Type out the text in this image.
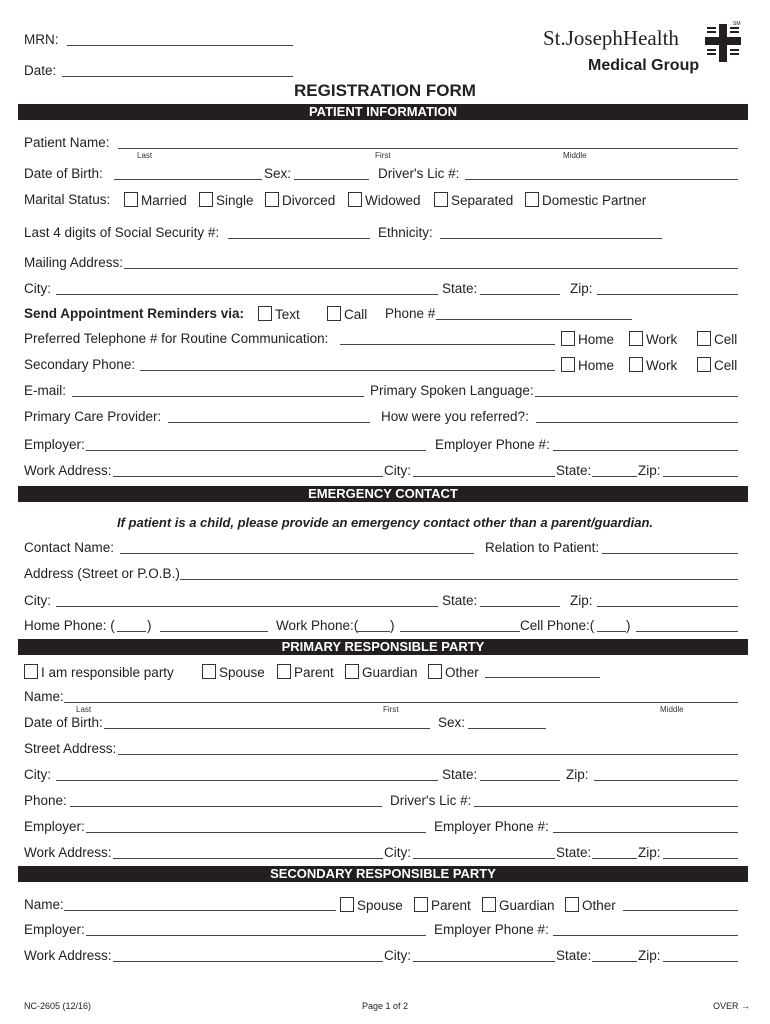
MRN:
Date:
St.JosephHealth
SM
Medical Group
REGISTRATION FORM
PATIENT INFORMATION
Patient Name:
Last	First	Middle
Date of Birth:	Sex:	Driver's Lic #:
Marital Status:	Married	Single	Divorced	Widowed	Separated	Domestic Partner
Last 4 digits of Social Security #:	Ethnicity:
Mailing Address:
City:	State:	Zip:
Send Appointment Reminders via:	Text	Call Phone #
Preferred Telephone # for Routine Communication:	Home	Work	Cell
Secondary Phone:	Home	Work	Cell
E-mail:	Primary Spoken Language:
Primary Care Provider:	How were you referred?:
Employer:	Employer Phone #:
Work Address:	City:	State:	Zip:
EMERGENCY CONTACT
If patient is a child, please provide an emergency contact other than a parent/guardian.
Contact Name:	Relation to Patient:
Address (Street or P.O.B.)
City:	State:	Zip:
Home Phone: ( )	Work Phone:( )	Cell Phone:( )
PRIMARY RESPONSIBLE PARTY
I am responsible party	Spouse	Parent	Guardian	Other
Name:
Last	First	Middle
Date of Birth:	Sex:
Street Address:
City:	State:	Zip:
Phone:	Driver's Lic #:
Employer:	Employer Phone #:
Work Address:	City:	State:	Zip:
SECONDARY RESPONSIBLE PARTY
Name:	Spouse	Parent	Guardian	Other
Employer:	Employer Phone #:
Work Address:	City:	State:	Zip:
NC-2605 (12/16)	Page 1 of 2	OVER →
